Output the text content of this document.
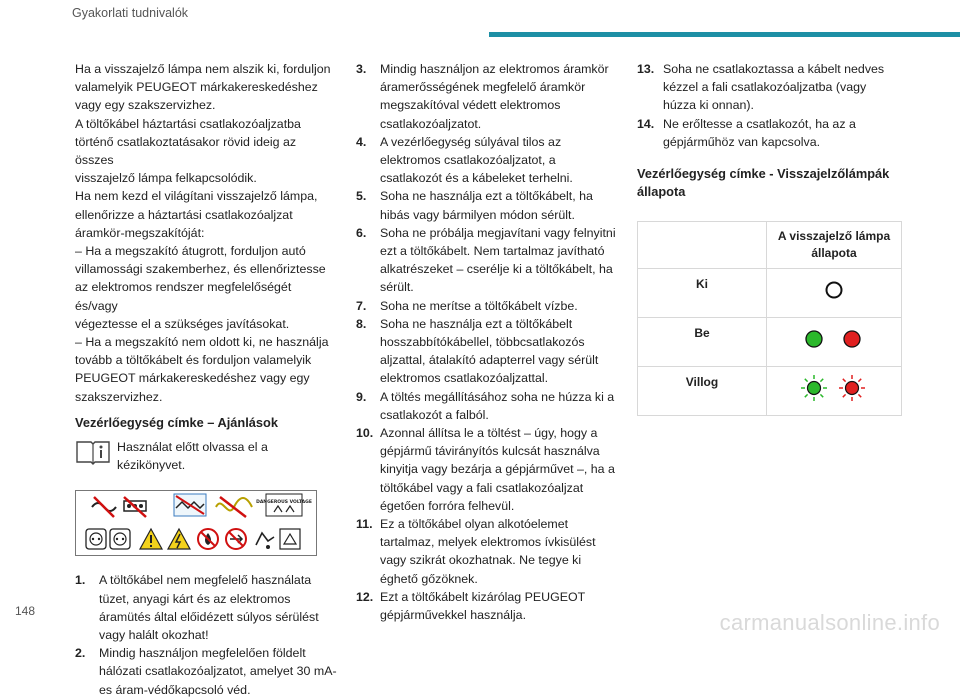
Gyakorlati tudnivalók

Ha a visszajelző lámpa nem alszik ki, forduljon

valamelyik PEUGEOT márkakereskedéshez

vagy egy szakszervizhez.

A töltőkábel háztartási csatlakozóaljzatba

történő csatlakoztatásakor rövid ideig az összes

visszajelző lámpa felkapcsolódik.

Ha nem kezd el világítani visszajelző lámpa,

ellenőrizze a háztartási csatlakozóaljzat

áramkör-megszakítóját:

– Ha a megszakító átugrott, forduljon autó

villamossági szakemberhez, és ellenőriztesse

az elektromos rendszer megfelelőségét és/vagy

végeztesse el a szükséges javításokat.

– Ha a megszakító nem oldott ki, ne használja

tovább a töltőkábelt és forduljon valamelyik

PEUGEOT márkakereskedéshez vagy egy

szakszervizhez.

Vezérlőegység címke – Ajánlások
Használat előtt olvassa el a kézikönyvet.
DANGEROUS VOLTAGE
1. A töltőkábel nem megfelelő használata tüzet, anyagi kárt és az elektromos áramütés által előidézett súlyos sérülést vagy halált okozhat!
2. Mindig használjon megfelelően földelt hálózati csatlakozóaljzatot, amelyet 30 mA-es áram-védőkapcsoló véd.
3. Mindig használjon az elektromos áramkör áramerősségének megfelelő áramkör megszakítóval védett elektromos csatlakozóaljzatot.
4. A vezérlőegység súlyával tilos az elektromos csatlakozóaljzatot, a csatlakozót és a kábeleket terhelni.
5. Soha ne használja ezt a töltőkábelt, ha hibás vagy bármilyen módon sérült.
6. Soha ne próbálja megjavítani vagy felnyitni ezt a töltőkábelt. Nem tartalmaz javítható alkatrészeket – cserélje ki a töltőkábelt, ha sérült.
7. Soha ne merítse a töltőkábelt vízbe.
8. Soha ne használja ezt a töltőkábelt hosszabbítókábellel, többcsatlakozós aljzattal, átalakító adapterrel vagy sérült elektromos csatlakozóaljzattal.
9. A töltés megállításához soha ne húzza ki a csatlakozót a falból.
10. Azonnal állítsa le a töltést – úgy, hogy a gépjármű távirányítós kulcsát használva kinyitja vagy bezárja a gépjárművet –, ha a töltőkábel vagy a fali csatlakozóaljzat égetően forróra felhevül.
11. Ez a töltőkábel olyan alkotóelemet tartalmaz, melyek elektromos ívkisülést vagy szikrát okozhatnak. Ne tegye ki éghető gőzöknek.
12. Ezt a töltőkábelt kizárólag PEUGEOT gépjárművekkel használja.
13. Soha ne csatlakoztassa a kábelt nedves kézzel a fali csatlakozóaljzatba (vagy húzza ki onnan).
14. Ne erőltesse a csatlakozót, ha az a gépjárműhöz van kapcsolva.
Vezérlőegység címke - Visszajelzőlámpák állapota
	A visszajelző lámpa állapota
Ki	
Be	
Villog	
148	carmanualsonline.info
